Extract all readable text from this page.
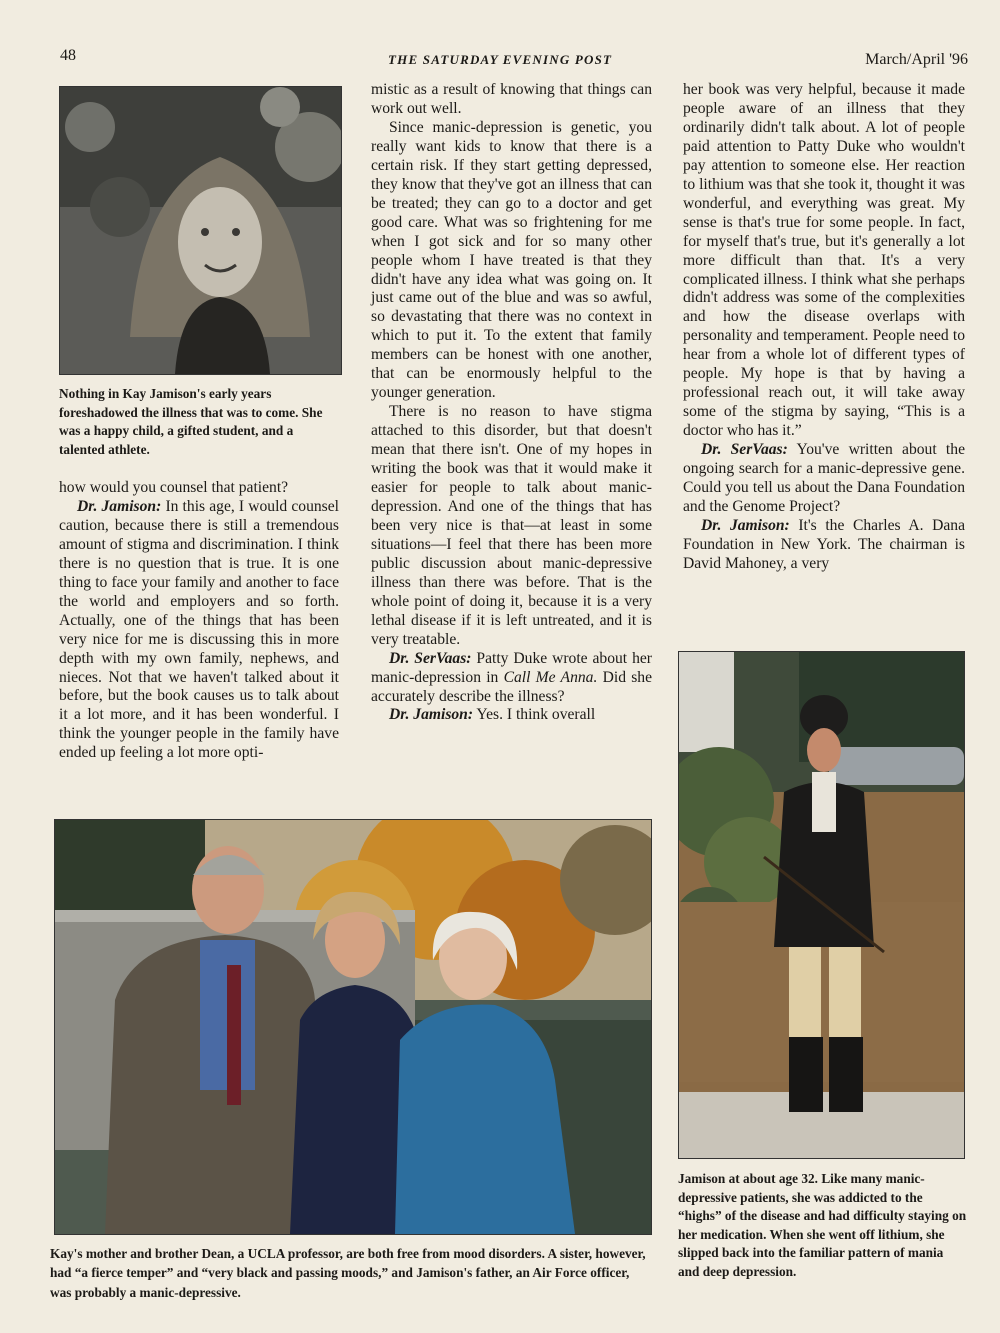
48	THE SATURDAY EVENING POST	March/April '96
Nothing in Kay Jamison's early years foreshadowed the illness that was to come. She was a happy child, a gifted student, and a talented athlete.

how would you counsel that patient?

Dr. Jamison: In this age, I would counsel caution, because there is still a tremendous amount of stigma and discrimination. I think there is no question that is true. It is one thing to face your family and another to face the world and employers and so forth. Actually, one of the things that has been very nice for me is discussing this in more depth with my own family, nephews, and nieces. Not that we haven't talked about it before, but the book causes us to talk about it a lot more, and it has been wonderful. I think the younger people in the family have ended up feeling a lot more opti-

mistic as a result of knowing that things can work out well.

Since manic-depression is genetic, you really want kids to know that there is a certain risk. If they start getting depressed, they know that they've got an illness that can be treated; they can go to a doctor and get good care. What was so frightening for me when I got sick and for so many other people whom I have treated is that they didn't have any idea what was going on. It just came out of the blue and was so awful, so devastating that there was no context in which to put it. To the extent that family members can be honest with one another, that can be enormously helpful to the younger generation.

There is no reason to have stigma attached to this disorder, but that doesn't mean that there isn't. One of my hopes in writing the book was that it would make it easier for people to talk about manic-depression. And one of the things that has been very nice is that—at least in some situations—I feel that there has been more public discussion about manic-depressive illness than there was before. That is the whole point of doing it, because it is a very lethal disease if it is left untreated, and it is very treatable.

Dr. SerVaas: Patty Duke wrote about her manic-depression in Call Me Anna. Did she accurately describe the illness?

Dr. Jamison: Yes. I think overall

her book was very helpful, because it made people aware of an illness that they ordinarily didn't talk about. A lot of people paid attention to Patty Duke who wouldn't pay attention to someone else. Her reaction to lithium was that she took it, thought it was wonderful, and everything was great. My sense is that's true for some people. In fact, for myself that's true, but it's generally a lot more difficult than that. It's a very complicated illness. I think what she perhaps didn't address was some of the complexities and how the disease overlaps with personality and temperament. People need to hear from a whole lot of different types of people. My hope is that by having a professional reach out, it will take away some of the stigma by saying, “This is a doctor who has it.”

Dr. SerVaas: You've written about the ongoing search for a manic-depressive gene. Could you tell us about the Dana Foundation and the Genome Project?

Dr. Jamison: It's the Charles A. Dana Foundation in New York. The chairman is David Mahoney, a very

Jamison at about age 32. Like many manic-depressive patients, she was addicted to the “highs” of the disease and had difficulty staying on her medication. When she went off lithium, she slipped back into the familiar pattern of mania and deep depression.
Kay's mother and brother Dean, a UCLA professor, are both free from mood disorders. A sister, however, had “a fierce temper” and “very black and passing moods,” and Jamison's father, an Air Force officer, was probably a manic-depressive.
